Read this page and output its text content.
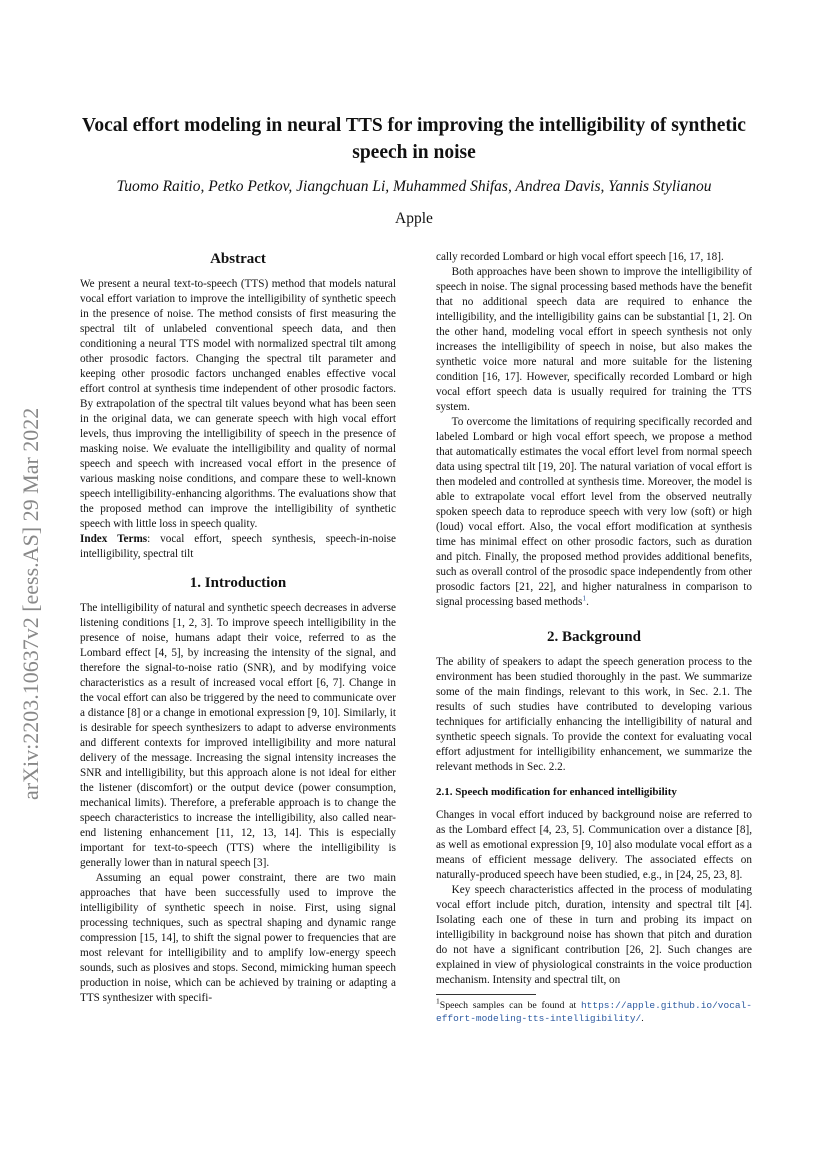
arXiv:2203.10637v2 [eess.AS] 29 Mar 2022
Vocal effort modeling in neural TTS for improving the intelligibility of synthetic speech in noise
Tuomo Raitio, Petko Petkov, Jiangchuan Li, Muhammed Shifas, Andrea Davis, Yannis Stylianou
Apple
Abstract

We present a neural text-to-speech (TTS) method that models natural vocal effort variation to improve the intelligibility of synthetic speech in the presence of noise. The method consists of first measuring the spectral tilt of unlabeled conventional speech data, and then conditioning a neural TTS model with normalized spectral tilt among other prosodic factors. Changing the spectral tilt parameter and keeping other prosodic factors unchanged enables effective vocal effort control at synthesis time independent of other prosodic factors. By extrapolation of the spectral tilt values beyond what has been seen in the original data, we can generate speech with high vocal effort levels, thus improving the intelligibility of speech in the presence of masking noise. We evaluate the intelligibility and quality of normal speech and speech with increased vocal effort in the presence of various masking noise conditions, and compare these to well-known speech intelligibility-enhancing algorithms. The evaluations show that the proposed method can improve the intelligibility of synthetic speech with little loss in speech quality.

Index Terms: vocal effort, speech synthesis, speech-in-noise intelligibility, spectral tilt

1. Introduction

The intelligibility of natural and synthetic speech decreases in adverse listening conditions [1, 2, 3]. To improve speech intelligibility in the presence of noise, humans adapt their voice, referred to as the Lombard effect [4, 5], by increasing the intensity of the signal, and therefore the signal-to-noise ratio (SNR), and by modifying voice characteristics as a result of increased vocal effort [6, 7]. Change in the vocal effort can also be triggered by the need to communicate over a distance [8] or a change in emotional expression [9, 10]. Similarly, it is desirable for speech synthesizers to adapt to adverse environments and different contexts for improved intelligibility and more natural delivery of the message. Increasing the signal intensity increases the SNR and intelligibility, but this approach alone is not ideal for either the listener (discomfort) or the output device (power consumption, mechanical limits). Therefore, a preferable approach is to change the speech characteristics to increase the intelligibility, also called near-end listening enhancement [11, 12, 13, 14]. This is especially important for text-to-speech (TTS) where the intelligibility is generally lower than in natural speech [3].

Assuming an equal power constraint, there are two main approaches that have been successfully used to improve the intelligibility of synthetic speech in noise. First, using signal processing techniques, such as spectral shaping and dynamic range compression [15, 14], to shift the signal power to frequencies that are most relevant for intelligibility and to amplify low-energy speech sounds, such as plosives and stops. Second, mimicking human speech production in noise, which can be achieved by training or adapting a TTS synthesizer with specifi-

cally recorded Lombard or high vocal effort speech [16, 17, 18].

Both approaches have been shown to improve the intelligibility of speech in noise. The signal processing based methods have the benefit that no additional speech data are required to enhance the intelligibility, and the intelligibility gains can be substantial [1, 2]. On the other hand, modeling vocal effort in speech synthesis not only increases the intelligibility of speech in noise, but also makes the synthetic voice more natural and more suitable for the listening condition [16, 17]. However, specifically recorded Lombard or high vocal effort speech data is usually required for training the TTS system.

To overcome the limitations of requiring specifically recorded and labeled Lombard or high vocal effort speech, we propose a method that automatically estimates the vocal effort level from normal speech data using spectral tilt [19, 20]. The natural variation of vocal effort is then modeled and controlled at synthesis time. Moreover, the model is able to extrapolate vocal effort level from the observed neutrally spoken speech data to reproduce speech with very low (soft) or high (loud) vocal effort. Also, the vocal effort modification at synthesis time has minimal effect on other prosodic factors, such as duration and pitch. Finally, the proposed method provides additional benefits, such as overall control of the prosodic space independently from other prosodic factors [21, 22], and higher naturalness in comparison to signal processing based methods$^1$.

2. Background

The ability of speakers to adapt the speech generation process to the environment has been studied thoroughly in the past. We summarize some of the main findings, relevant to this work, in Sec. 2.1. The results of such studies have contributed to developing various techniques for artificially enhancing the intelligibility of natural and synthetic speech signals. To provide the context for evaluating vocal effort adjustment for intelligibility enhancement, we summarize the relevant methods in Sec. 2.2.

2.1. Speech modification for enhanced intelligibility

Changes in vocal effort induced by background noise are referred to as the Lombard effect [4, 23, 5]. Communication over a distance [8], as well as emotional expression [9, 10] also modulate vocal effort as a means of efficient message delivery. The associated effects on naturally-produced speech have been studied, e.g., in [24, 25, 23, 8].

Key speech characteristics affected in the process of modulating vocal effort include pitch, duration, intensity and spectral tilt [4]. Isolating each one of these in turn and probing its impact on intelligibility in background noise has shown that pitch and duration do not have a significant contribution [26, 2]. Such changes are explained in view of physiological constraints in the voice production mechanism. Intensity and spectral tilt, on

$^1$Speech samples can be found at https://apple.github.io/vocal-effort-modeling-tts-intelligibility/.
